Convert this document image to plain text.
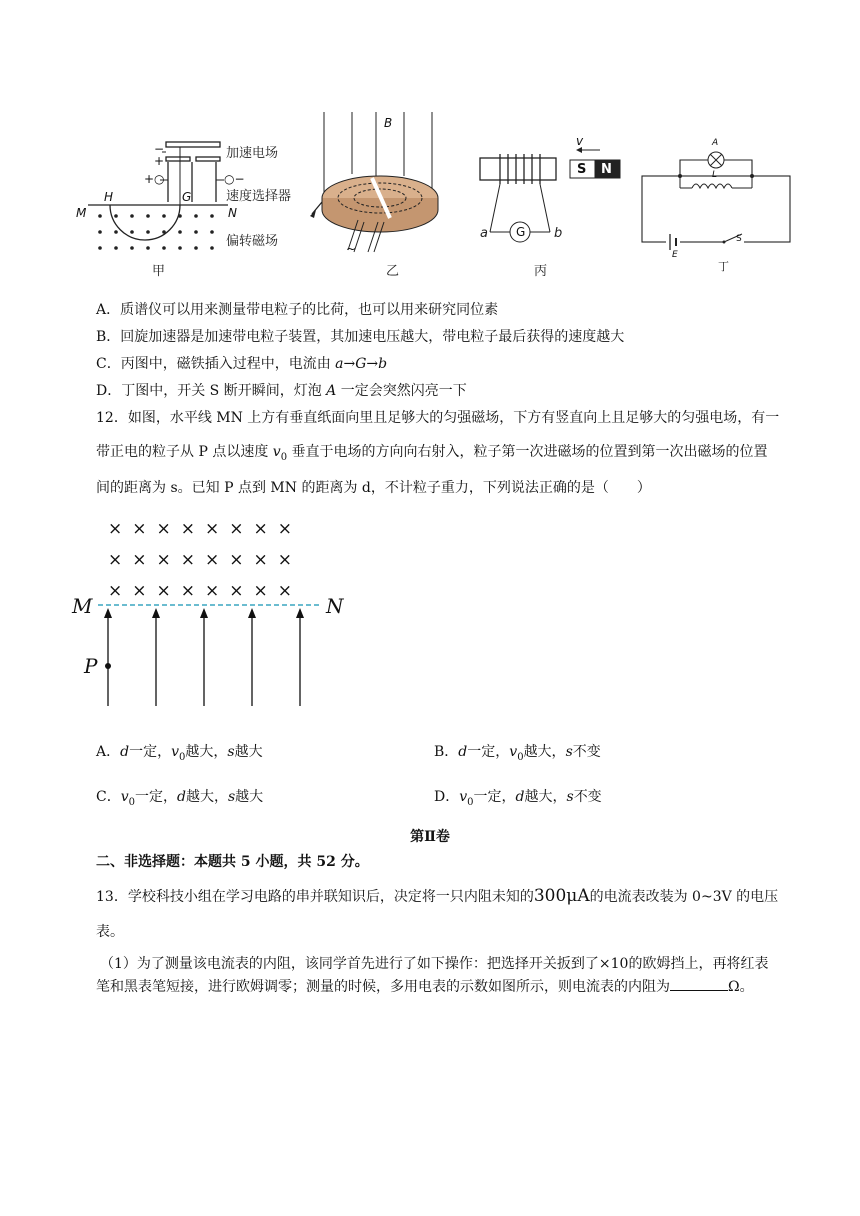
−
+
+○	○−
加速电场
速度选择器
偏转磁场
H	G
M	N
甲
B
~
乙
v
S N
G
a	b
丙
A
L
E
S
丁
A．质谱仪可以用来测量带电粒子的比荷，也可以用来研究同位素
B．回旋加速器是加速带电粒子装置，其加速电压越大，带电粒子最后获得的速度越大
C．丙图中，磁铁插入过程中，电流由 a→G→b
D．丁图中，开关 S 断开瞬间，灯泡 A 一定会突然闪亮一下
12．如图，水平线 MN 上方有垂直纸面向里且足够大的匀强磁场，下方有竖直向上且足够大的匀强电场，有一
带正电的粒子从 P 点以速度 $v_0$ 垂直于电场的方向向右射入，粒子第一次进磁场的位置到第一次出磁场的位置
间的距离为 s。已知 P 点到 MN 的距离为 d，不计粒子重力，下列说法正确的是（　　）
××××××××
××××××××
××××××××
M	N
P
A．d一定，$v_0$越大，s越大	B．d一定，$v_0$越大，s不变
C．$v_0$一定，d越大，s越大	D．$v_0$一定，d越大，s不变
第Ⅱ卷
二、非选择题：本题共 5 小题，共 52 分。
13．学校科技小组在学习电路的串并联知识后，决定将一只内阻未知的300μA的电流表改装为 0~3V 的电压
表。
（1）为了测量该电流表的内阻，该同学首先进行了如下操作：把选择开关扳到了×10的欧姆挡上，再将红表
笔和黑表笔短接，进行欧姆调零；测量的时候，多用电表的示数如图所示，则电流表的内阻为	Ω。
